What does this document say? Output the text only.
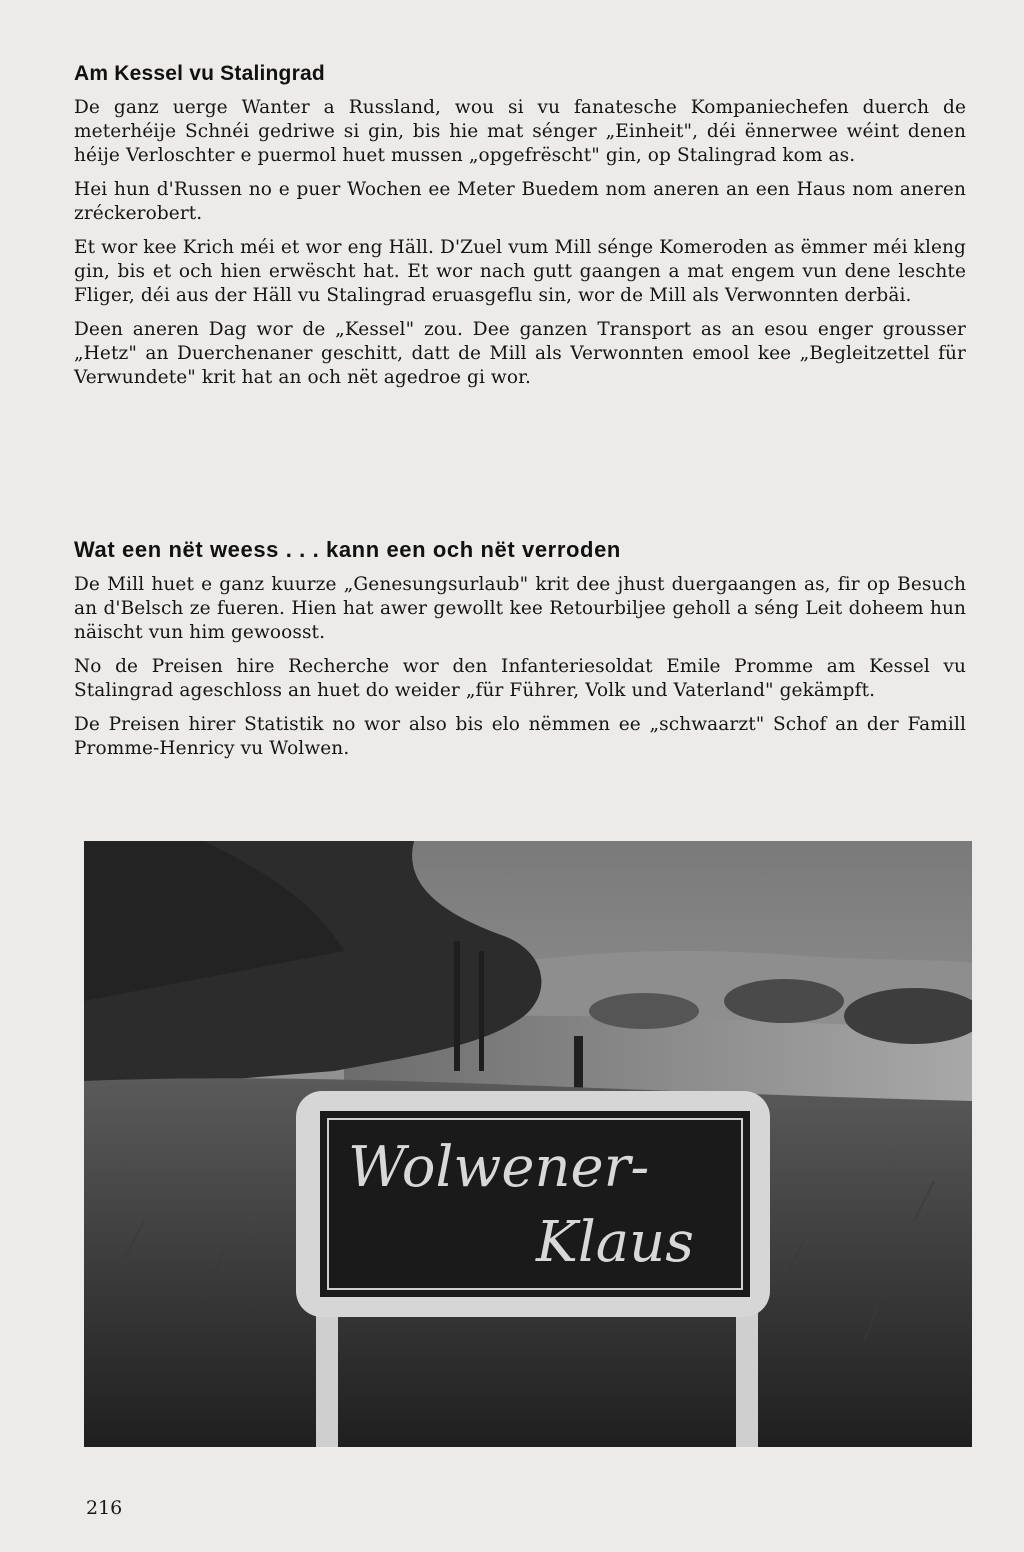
Am Kessel vu Stalingrad

De ganz uerge Wanter a Russland, wou si vu fanatesche Kompaniechefen duerch de meterhéije Schnéi gedriwe si gin, bis hie mat sénger „Einheit", déi ënnerwee wéint denen héije Verloschter e puermol huet mussen „opgefrëscht" gin, op Stalingrad kom as.

Hei hun d'Russen no e puer Wochen ee Meter Buedem nom aneren an een Haus nom aneren zréckerobert.

Et wor kee Krich méi et wor eng Häll. D'Zuel vum Mill sénge Komeroden as ëmmer méi kleng gin, bis et och hien erwëscht hat. Et wor nach gutt gaangen a mat engem vun dene leschte Fliger, déi aus der Häll vu Stalingrad eruasgeflu sin, wor de Mill als Verwonnten derbäi.

Deen aneren Dag wor de „Kessel" zou. Dee ganzen Transport as an esou enger grousser „Hetz" an Duerchenaner geschitt, datt de Mill als Verwonnten emool kee „Begleitzettel für Verwundete" krit hat an och nët agedroe gi wor.

Wat een nët weess . . . kann een och nët verroden

De Mill huet e ganz kuurze „Genesungsurlaub" krit dee jhust duergaangen as, fir op Besuch an d'Belsch ze fueren. Hien hat awer gewollt kee Retourbiljee geholl a séng Leit doheem hun näischt vun him gewoosst.

No de Preisen hire Recherche wor den Infanteriesoldat Emile Promme am Kessel vu Stalingrad ageschloss an huet do weider „für Führer, Volk und Vaterland" gekämpft.

De Preisen hirer Statistik no wor also bis elo nëmmen ee „schwaarzt" Schof an der Famill Promme-Henricy vu Wolwen.

Wolwener-
Klaus
216
